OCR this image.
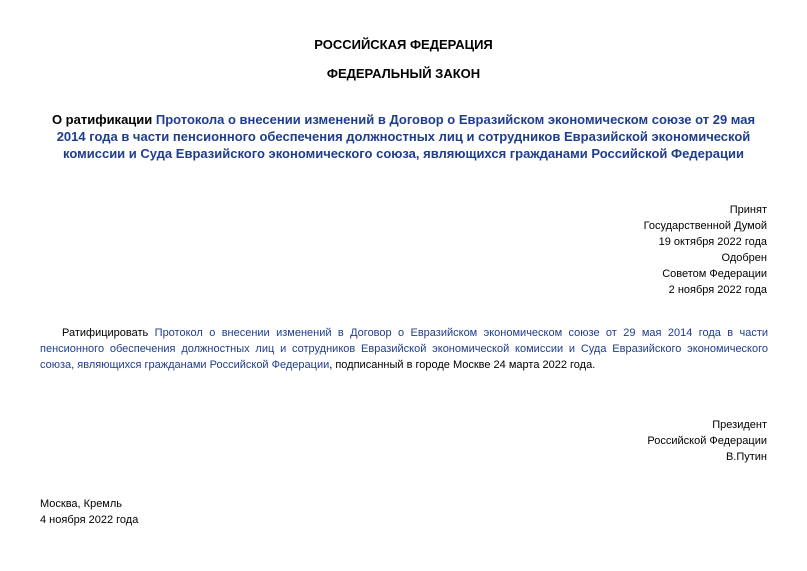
РОССИЙСКАЯ ФЕДЕРАЦИЯ
ФЕДЕРАЛЬНЫЙ ЗАКОН
О ратификации Протокола о внесении изменений в Договор о Евразийском экономическом союзе от 29 мая 2014 года в части пенсионного обеспечения должностных лиц и сотрудников Евразийской экономической комиссии и Суда Евразийского экономического союза, являющихся гражданами Российской Федерации
Принят
Государственной Думой
19 октября 2022 года
Одобрен
Советом Федерации
2 ноября 2022 года
Ратифицировать Протокол о внесении изменений в Договор о Евразийском экономическом союзе от 29 мая 2014 года в части пенсионного обеспечения должностных лиц и сотрудников Евразийской экономической комиссии и Суда Евразийского экономического союза, являющихся гражданами Российской Федерации, подписанный в городе Москве 24 марта 2022 года.
Президент
Российской Федерации
В.Путин
Москва, Кремль
4 ноября 2022 года
